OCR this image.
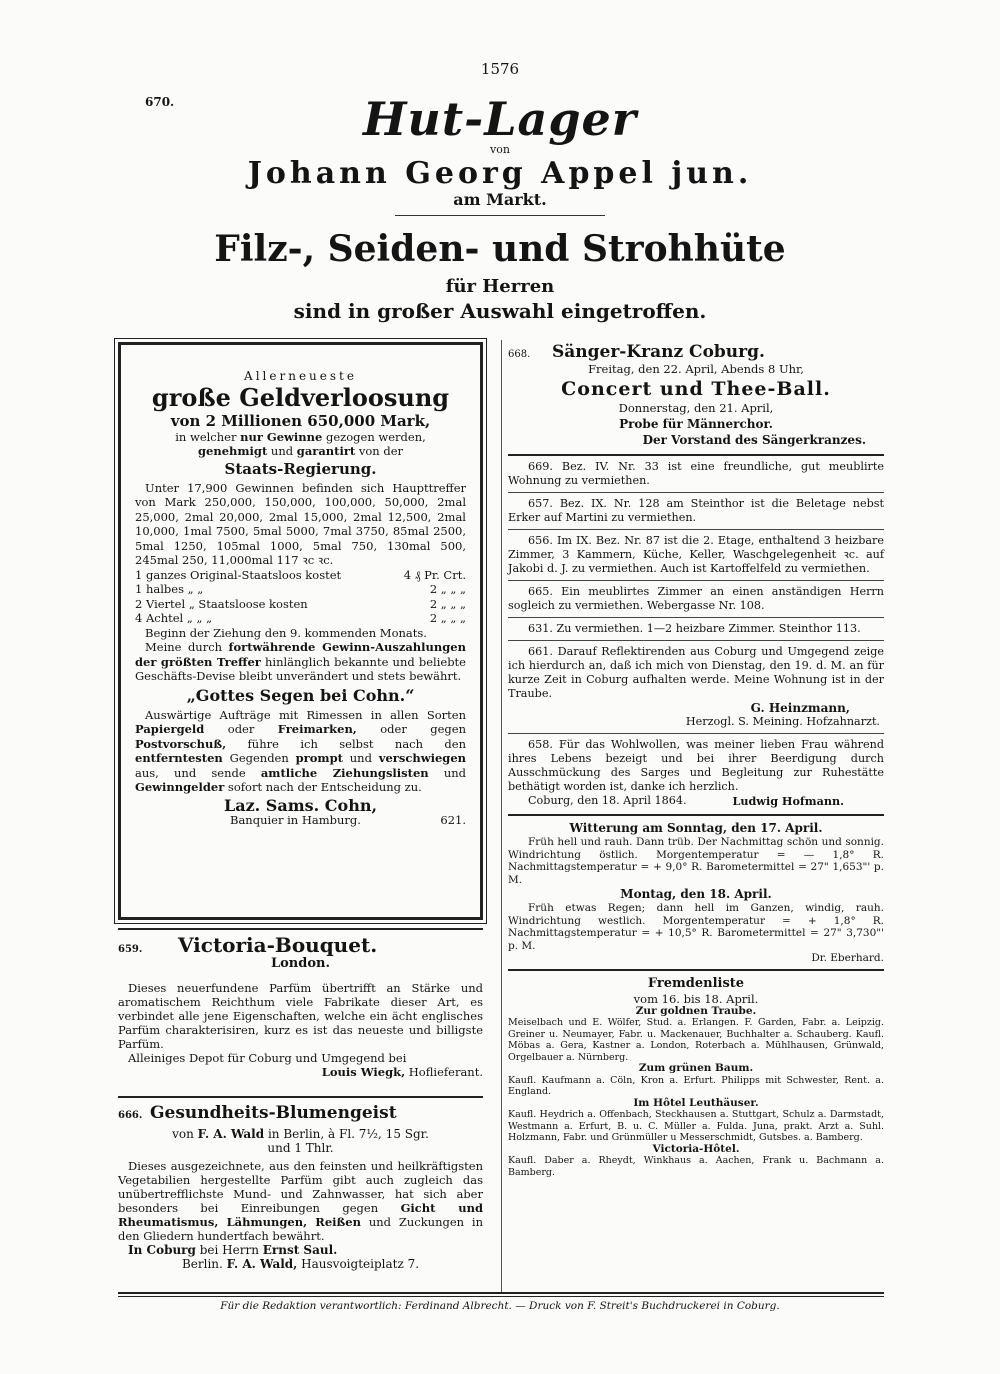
1576
670.	Hut-Lager
von
Johann Georg Appel jun.
am Markt.
Filz-, Seiden- und Strohhüte
für Herren
sind in großer Auswahl eingetroffen.
Allerneueste
große Geldverloosung
von 2 Millionen 650,000 Mark,
in welcher nur Gewinne gezogen werden,
genehmigt und garantirt von der
Staats-Regierung.
Unter 17,900 Gewinnen befinden sich Haupttreffer von Mark 250,000, 150,000, 100,000, 50,000, 2mal 25,000, 2mal 20,000, 2mal 15,000, 2mal 12,500, 2mal 10,000, 1mal 7500, 5mal 5000, 7mal 3750, 85mal 2500, 5mal 1250, 105mal 1000, 5mal 750, 130mal 500, 245mal 250, 11,000mal 117 ꝛc ꝛc.
1 ganzes Original-Staatsloos kostet	4 ₰ Pr. Crt.
1 halbes „ „	2 „ „ „
2 Viertel „ Staatsloose kosten	2 „ „ „
4 Achtel „ „ „	2 „ „ „
Beginn der Ziehung den 9. kommenden Monats.
Meine durch fortwährende Gewinn-Auszahlungen der größten Treffer hinlänglich bekannte und beliebte Geschäfts-Devise bleibt unverändert und stets bewährt.
„Gottes Segen bei Cohn.“
Auswärtige Aufträge mit Rimessen in allen Sorten Papiergeld oder Freimarken, oder gegen Postvorschuß, führe ich selbst nach den entferntesten Gegenden prompt und verschwiegen aus, und sende amtliche Ziehungslisten und Gewinngelder sofort nach der Entscheidung zu.
Laz. Sams. Cohn,
Banquier in Hamburg.	621.
659.	Victoria-Bouquet.
London.
Dieses neuerfundene Parfüm übertrifft an Stärke und aromatischem Reichthum viele Fabrikate dieser Art, es verbindet alle jene Eigenschaften, welche ein ächt englisches Parfüm charakterisiren, kurz es ist das neueste und billigste Parfüm.
Alleiniges Depot für Coburg und Umgegend bei
Louis Wiegk, Hoflieferant.
666. Gesundheits-Blumengeist
von F. A. Wald in Berlin, à Fl. 7½, 15 Sgr.
und 1 Thlr.
Dieses ausgezeichnete, aus den feinsten und heilkräftigsten Vegetabilien hergestellte Parfüm gibt auch zugleich das unübertrefflichste Mund- und Zahnwasser, hat sich aber besonders bei Einreibungen gegen Gicht und Rheumatismus, Lähmungen, Reißen und Zuckungen in den Gliedern hundertfach bewährt.
In Coburg bei Herrn Ernst Saul.
Berlin. F. A. Wald, Hausvoigteiplatz 7.
668.	Sänger-Kranz Coburg.
Freitag, den 22. April, Abends 8 Uhr,
Concert und Thee-Ball.
Donnerstag, den 21. April,
Probe für Männerchor.
Der Vorstand des Sängerkranzes.
669. Bez. IV. Nr. 33 ist eine freundliche, gut meublirte Wohnung zu vermiethen.
657. Bez. IX. Nr. 128 am Steinthor ist die Beletage nebst Erker auf Martini zu vermiethen.
656. Im IX. Bez. Nr. 87 ist die 2. Etage, enthaltend 3 heizbare Zimmer, 3 Kammern, Küche, Keller, Waschgelegenheit ꝛc. auf Jakobi d. J. zu vermiethen. Auch ist Kartoffelfeld zu vermiethen.
665. Ein meublirtes Zimmer an einen anständigen Herrn sogleich zu vermiethen. Webergasse Nr. 108.
631. Zu vermiethen. 1—2 heizbare Zimmer. Steinthor 113.
661. Darauf Reflektirenden aus Coburg und Umgegend zeige ich hierdurch an, daß ich mich von Dienstag, den 19. d. M. an für kurze Zeit in Coburg aufhalten werde. Meine Wohnung ist in der Traube.
G. Heinzmann,
Herzogl. S. Meining. Hofzahnarzt.
658. Für das Wohlwollen, was meiner lieben Frau während ihres Lebens bezeigt und bei ihrer Beerdigung durch Ausschmückung des Sarges und Begleitung zur Ruhestätte bethätigt worden ist, danke ich herzlich.
Coburg, den 18. April 1864.	Ludwig Hofmann.
Witterung am Sonntag, den 17. April.
Früh hell und rauh. Dann trüb. Der Nachmittag schön und sonnig. Windrichtung östlich. Morgentemperatur = — 1,8° R. Nachmittagstemperatur = + 9,0° R. Barometermittel = 27" 1,653"' p. M.
Montag, den 18. April.
Früh etwas Regen; dann hell im Ganzen, windig, rauh. Windrichtung westlich. Morgentemperatur = + 1,8° R. Nachmittagstemperatur = + 10,5° R. Barometermittel = 27" 3,730"' p. M.
Dr. Eberhard.
Fremdenliste
vom 16. bis 18. April.
Zur goldnen Traube.
Meiselbach und E. Wölfer, Stud. a. Erlangen. F. Garden, Fabr. a. Leipzig. Greiner u. Neumayer, Fabr. u. Mackenauer, Buchhalter a. Schauberg. Kaufl. Möbas a. Gera, Kastner a. London, Roterbach a. Mühlhausen, Grünwald, Orgelbauer a. Nürnberg.
Zum grünen Baum.
Kaufl. Kaufmann a. Cöln, Kron a. Erfurt. Philipps mit Schwester, Rent. a. England.
Im Hôtel Leuthäuser.
Kaufl. Heydrich a. Offenbach, Steckhausen a. Stuttgart, Schulz a. Darmstadt, Westmann a. Erfurt, B. u. C. Müller a. Fulda. Juna, prakt. Arzt a. Suhl. Holzmann, Fabr. und Grünmüller u Messerschmidt, Gutsbes. a. Bamberg.
Victoria-Hôtel.
Kaufl. Daber a. Rheydt, Winkhaus a. Aachen, Frank u. Bachmann a. Bamberg.
Für die Redaktion verantwortlich: Ferdinand Albrecht. — Druck von F. Streit's Buchdruckerei in Coburg.
